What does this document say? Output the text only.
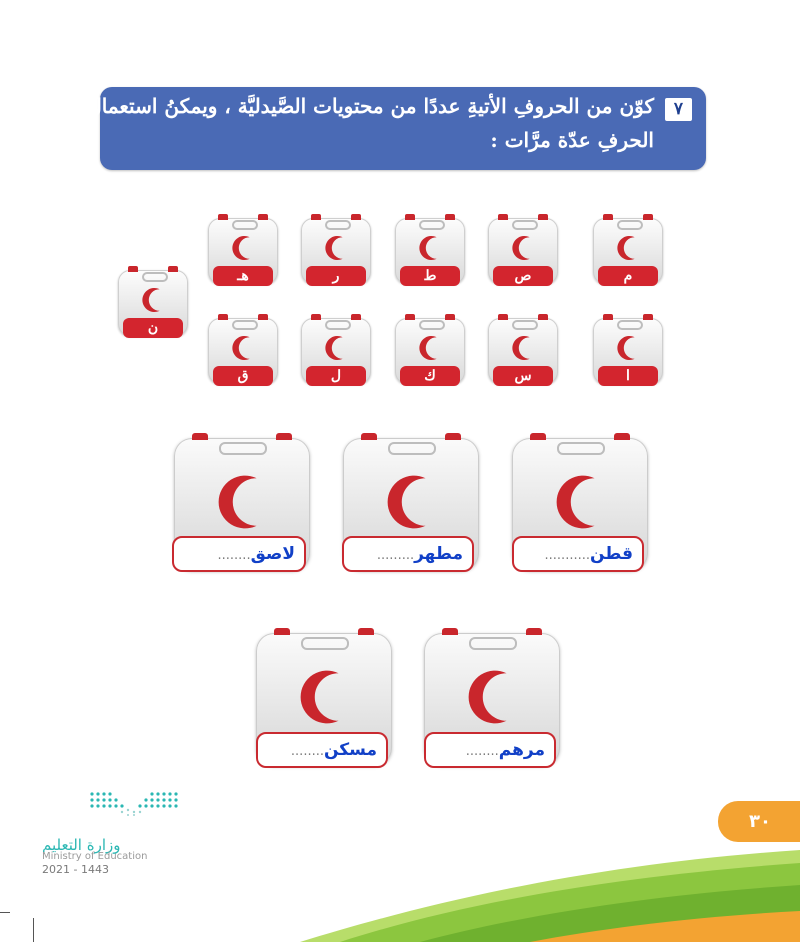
٧
كوّن من الحروفِ الأتيةِ عددًا من محتويات الصَّيدليَّة ، ويمكنُ استعمالُ
الحرفِ عدّة مرَّات :
م
ص
ط
ر
هـ
ا
س
ك
ل
ق
ن
قطن...........
مطهر.........
لاصق........
مرهم........
مسكن........
وزارة التعليم
Ministry of Education
2021 - 1443
٣٠
